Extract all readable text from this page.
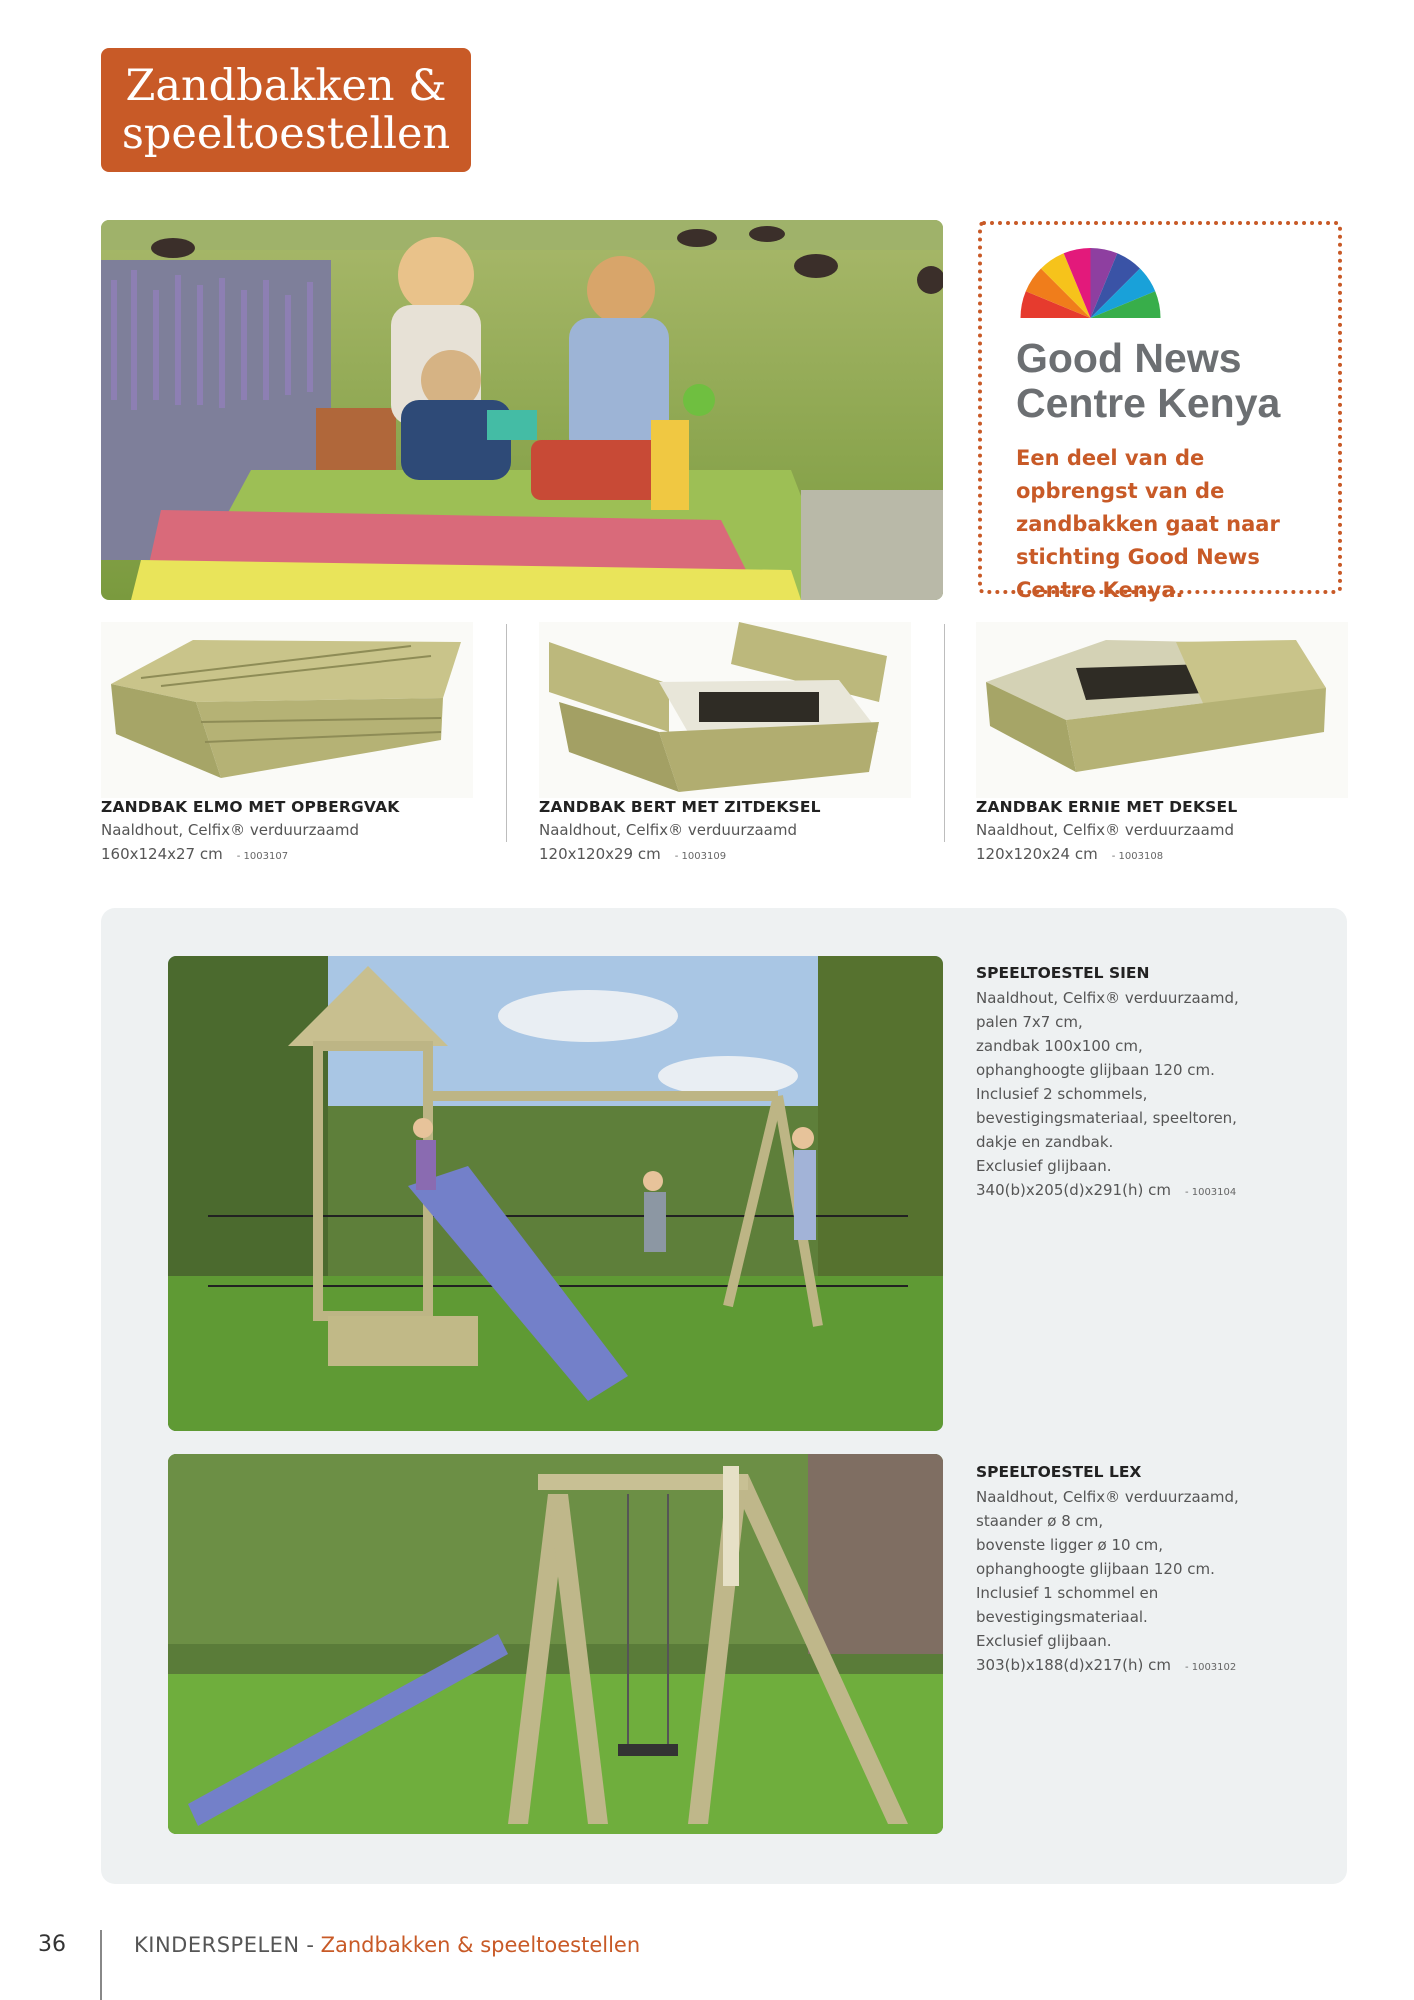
Zandbakken &
speeltoestellen
Good News
Centre Kenya
Een deel van de opbrengst van de zandbakken gaat naar stichting Good News Centre Kenya.
ZANDBAK ELMO MET OPBERGVAK
Naaldhout, Celfix® verduurzaamd
160x124x27 cm - 1003107
ZANDBAK BERT MET ZITDEKSEL
Naaldhout, Celfix® verduurzaamd
120x120x29 cm - 1003109
ZANDBAK ERNIE MET DEKSEL
Naaldhout, Celfix® verduurzaamd
120x120x24 cm - 1003108
SPEELTOESTEL SIEN
Naaldhout, Celfix® verduurzaamd,
palen 7x7 cm,
zandbak 100x100 cm,
ophanghoogte glijbaan 120 cm.
Inclusief 2 schommels,
bevestigingsmateriaal, speeltoren,
dakje en zandbak.
Exclusief glijbaan.
340(b)x205(d)x291(h) cm - 1003104
SPEELTOESTEL LEX
Naaldhout, Celfix® verduurzaamd,
staander ø 8 cm,
bovenste ligger ø 10 cm,
ophanghoogte glijbaan 120 cm.
Inclusief 1 schommel en
bevestigingsmateriaal.
Exclusief glijbaan.
303(b)x188(d)x217(h) cm - 1003102
36	KINDERSPELEN - Zandbakken & speeltoestellen
